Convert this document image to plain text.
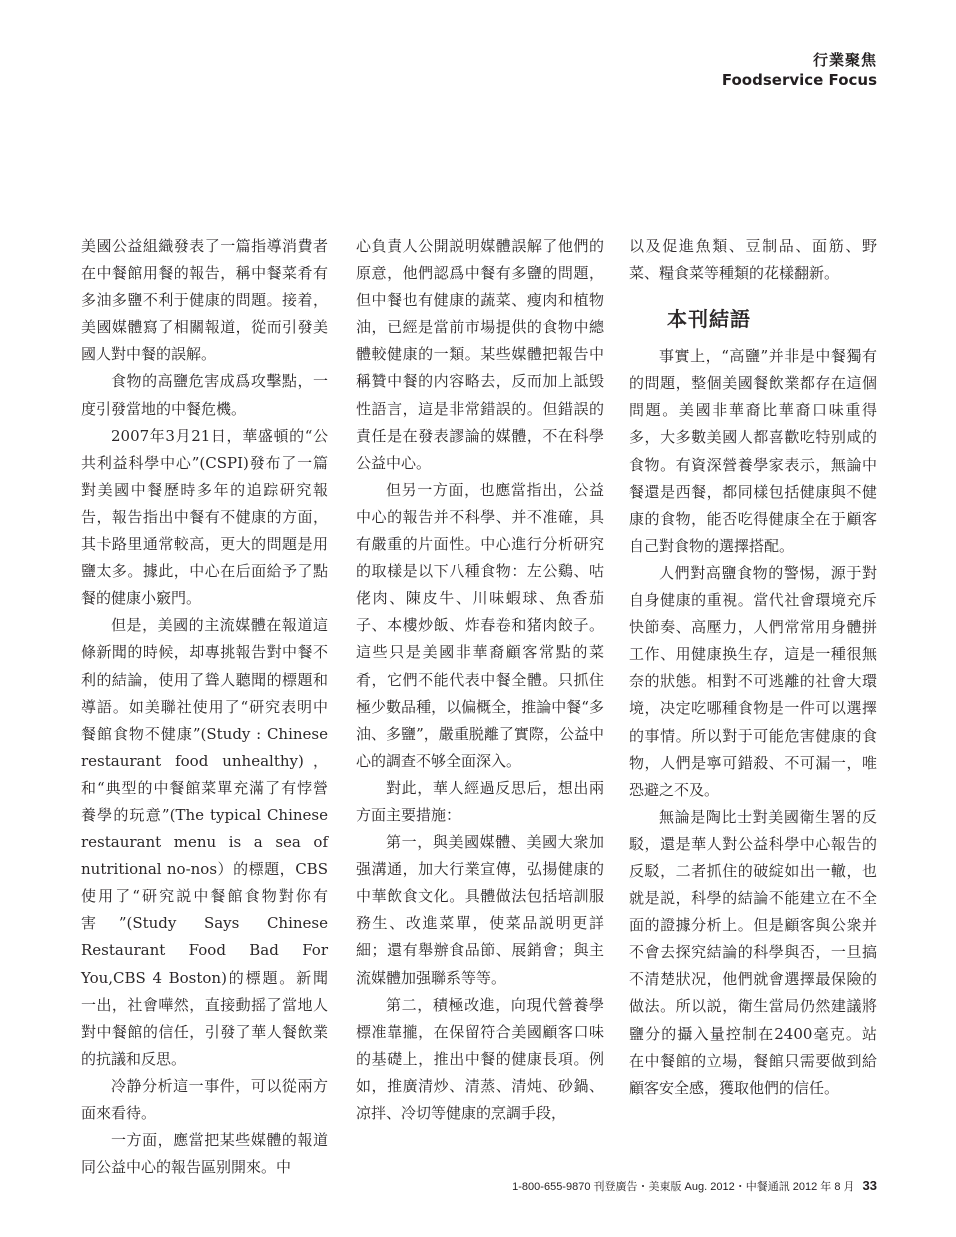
行業聚焦
Foodservice Focus

美國公益組織發表了一篇指導消費者在中餐館用餐的報告，稱中餐菜肴有多油多鹽不利于健康的問題。接着，美國媒體寫了相關報道，從而引發美國人對中餐的誤解。

食物的高鹽危害成爲攻擊點，一度引發當地的中餐危機。

2007年3月21日，華盛頓的“公共利益科學中心”(CSPI)發布了一篇對美國中餐歷時多年的追踪研究報告，報告指出中餐有不健康的方面，其卡路里通常較高，更大的問題是用鹽太多。據此，中心在后面給予了點餐的健康小竅門。

但是，美國的主流媒體在報道這條新聞的時候，却專挑報告對中餐不利的結論，使用了聳人聽聞的標題和導語。如美聯社使用了“研究表明中餐館食物不健康”(Study : Chinese restaurant food unhealthy)，和“典型的中餐館菜單充滿了有悖營養學的玩意”(The typical Chinese restaurant menu is a sea of nutritional no-nos）的標題，CBS使用了“研究説中餐館食物對你有害”(Study Says Chinese Restaurant Food Bad For You,CBS 4 Boston)的標題。新聞一出，社會嘩然，直接動摇了當地人對中餐館的信任，引發了華人餐飲業的抗議和反思。

冷静分析這一事件，可以從兩方面來看待。

一方面，應當把某些媒體的報道同公益中心的報告區别開來。中

心負責人公開説明媒體誤解了他們的原意，他們認爲中餐有多鹽的問題，但中餐也有健康的蔬菜、瘦肉和植物油，已經是當前市場提供的食物中總體較健康的一類。某些媒體把報告中稱贊中餐的内容略去，反而加上詆毁性語言，這是非常錯誤的。但錯誤的責任是在發表謬論的媒體，不在科學公益中心。

但另一方面，也應當指出，公益中心的報告并不科學、并不准確，具有嚴重的片面性。中心進行分析研究的取樣是以下八種食物：左公鷄、咕佬肉、陳皮牛、川味蝦球、魚香茄子、本樓炒飯、炸春卷和猪肉餃子。這些只是美國非華裔顧客常點的菜肴，它們不能代表中餐全體。只抓住極少數品種，以偏概全，推論中餐“多油、多鹽”，嚴重脱離了實際，公益中心的調查不够全面深入。

對此，華人經過反思后，想出兩方面主要措施：

第一，與美國媒體、美國大衆加强溝通，加大行業宣傳，弘揚健康的中華飲食文化。具體做法包括培訓服務生、改進菜單，使菜品説明更詳細；還有舉辦食品節、展銷會；與主流媒體加强聯系等等。

第二，積極改進，向現代營養學標准靠攏，在保留符合美國顧客口味的基礎上，推出中餐的健康長項。例如，推廣清炒、清蒸、清炖、砂鍋、凉拌、冷切等健康的烹調手段，

以及促進魚類、豆制品、面筋、野菜、糧食菜等種類的花樣翻新。

本刊結語

事實上，“高鹽”并非是中餐獨有的問題，整個美國餐飲業都存在這個問題。美國非華裔比華裔口味重得多，大多數美國人都喜歡吃特别咸的食物。有資深營養學家表示，無論中餐還是西餐，都同樣包括健康與不健康的食物，能否吃得健康全在于顧客自己對食物的選擇搭配。

人們對高鹽食物的警惕，源于對自身健康的重視。當代社會環境充斥快節奏、高壓力，人們常常用身體拼工作、用健康换生存，這是一種很無奈的狀態。相對不可逃離的社會大環境，决定吃哪種食物是一件可以選擇的事情。所以對于可能危害健康的食物，人們是寧可錯殺、不可漏一，唯恐避之不及。

無論是陶比士對美國衛生署的反駁，還是華人對公益科學中心報告的反駁，二者抓住的破綻如出一轍，也就是説，科學的結論不能建立在不全面的證據分析上。但是顧客與公衆并不會去探究結論的科學與否，一旦搞不清楚狀况，他們就會選擇最保險的做法。所以説，衛生當局仍然建議將鹽分的攝入量控制在2400毫克。站在中餐館的立場，餐館只需要做到給顧客安全感，獲取他們的信任。

1-800-655-9870 刊登廣告・美東版 Aug. 2012・中餐通訊 2012 年 8 月 33
